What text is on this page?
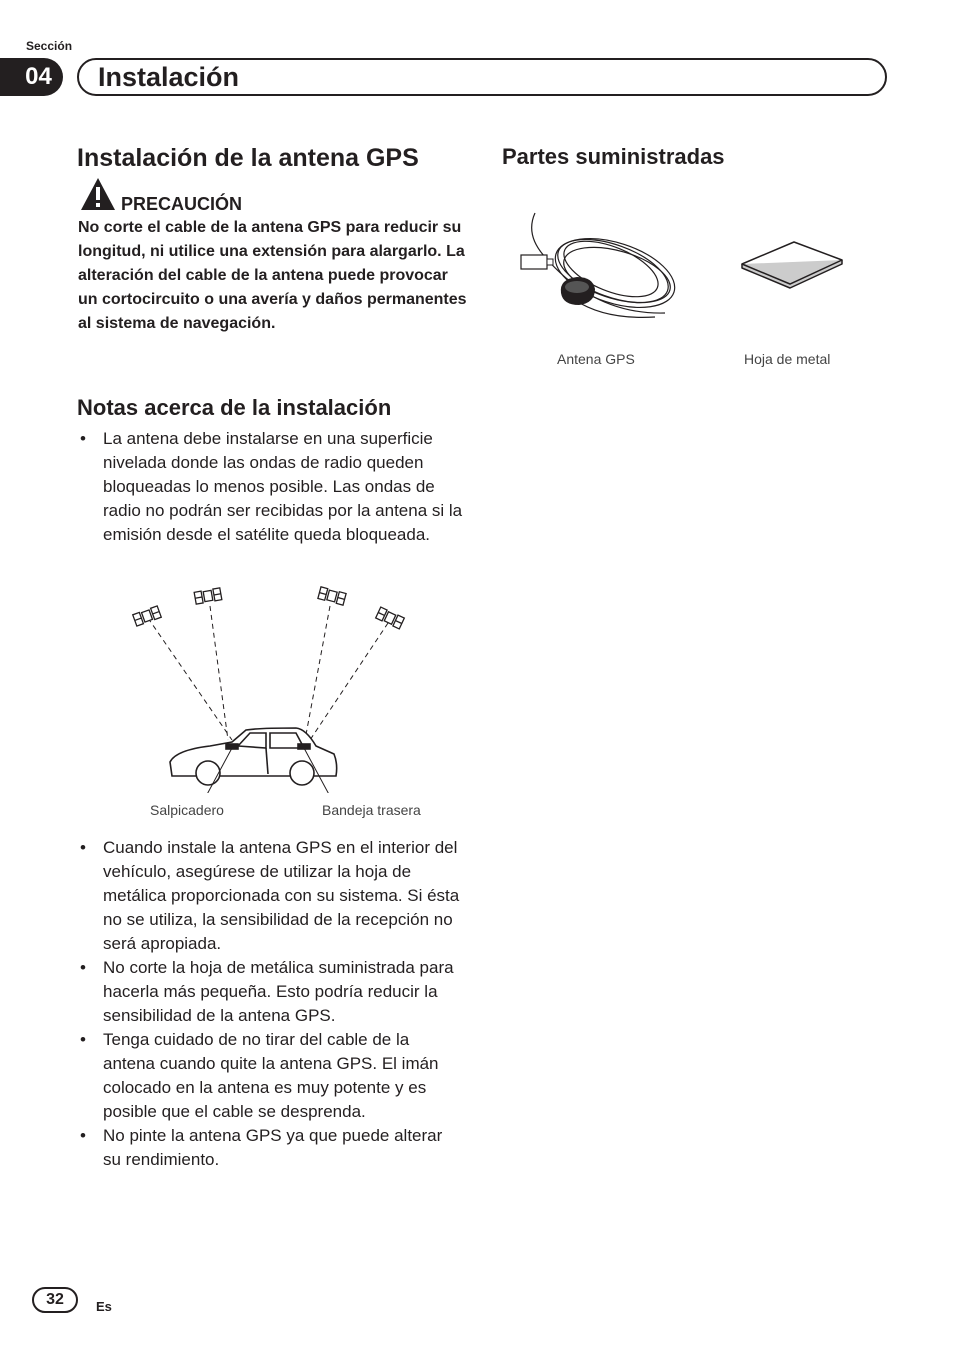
Sección
04	Instalación
Instalación de la antena GPS
PRECAUCIÓN
No corte el cable de la antena GPS para reducir su longitud, ni utilice una extensión para alargarlo. La alteración del cable de la antena puede provocar un cortocircuito o una avería y daños permanentes al sistema de navegación.
Notas acerca de la instalación
• La antena debe instalarse en una superficie nivelada donde las ondas de radio queden bloqueadas lo menos posible. Las ondas de radio no podrán ser recibidas por la antena si la emisión desde el satélite queda bloqueada.
Salpicadero	Bandeja trasera
• Cuando instale la antena GPS en el interior del vehículo, asegúrese de utilizar la hoja de metálica proporcionada con su sistema. Si ésta no se utiliza, la sensibilidad de la recepción no será apropiada.
• No corte la hoja de metálica suministrada para hacerla más pequeña. Esto podría reducir la sensibilidad de la antena GPS.
• Tenga cuidado de no tirar del cable de la antena cuando quite la antena GPS. El imán colocado en la antena es muy potente y es posible que el cable se desprenda.
• No pinte la antena GPS ya que puede alterar su rendimiento.
Partes suministradas
Antena GPS	Hoja de metal
32	Es
